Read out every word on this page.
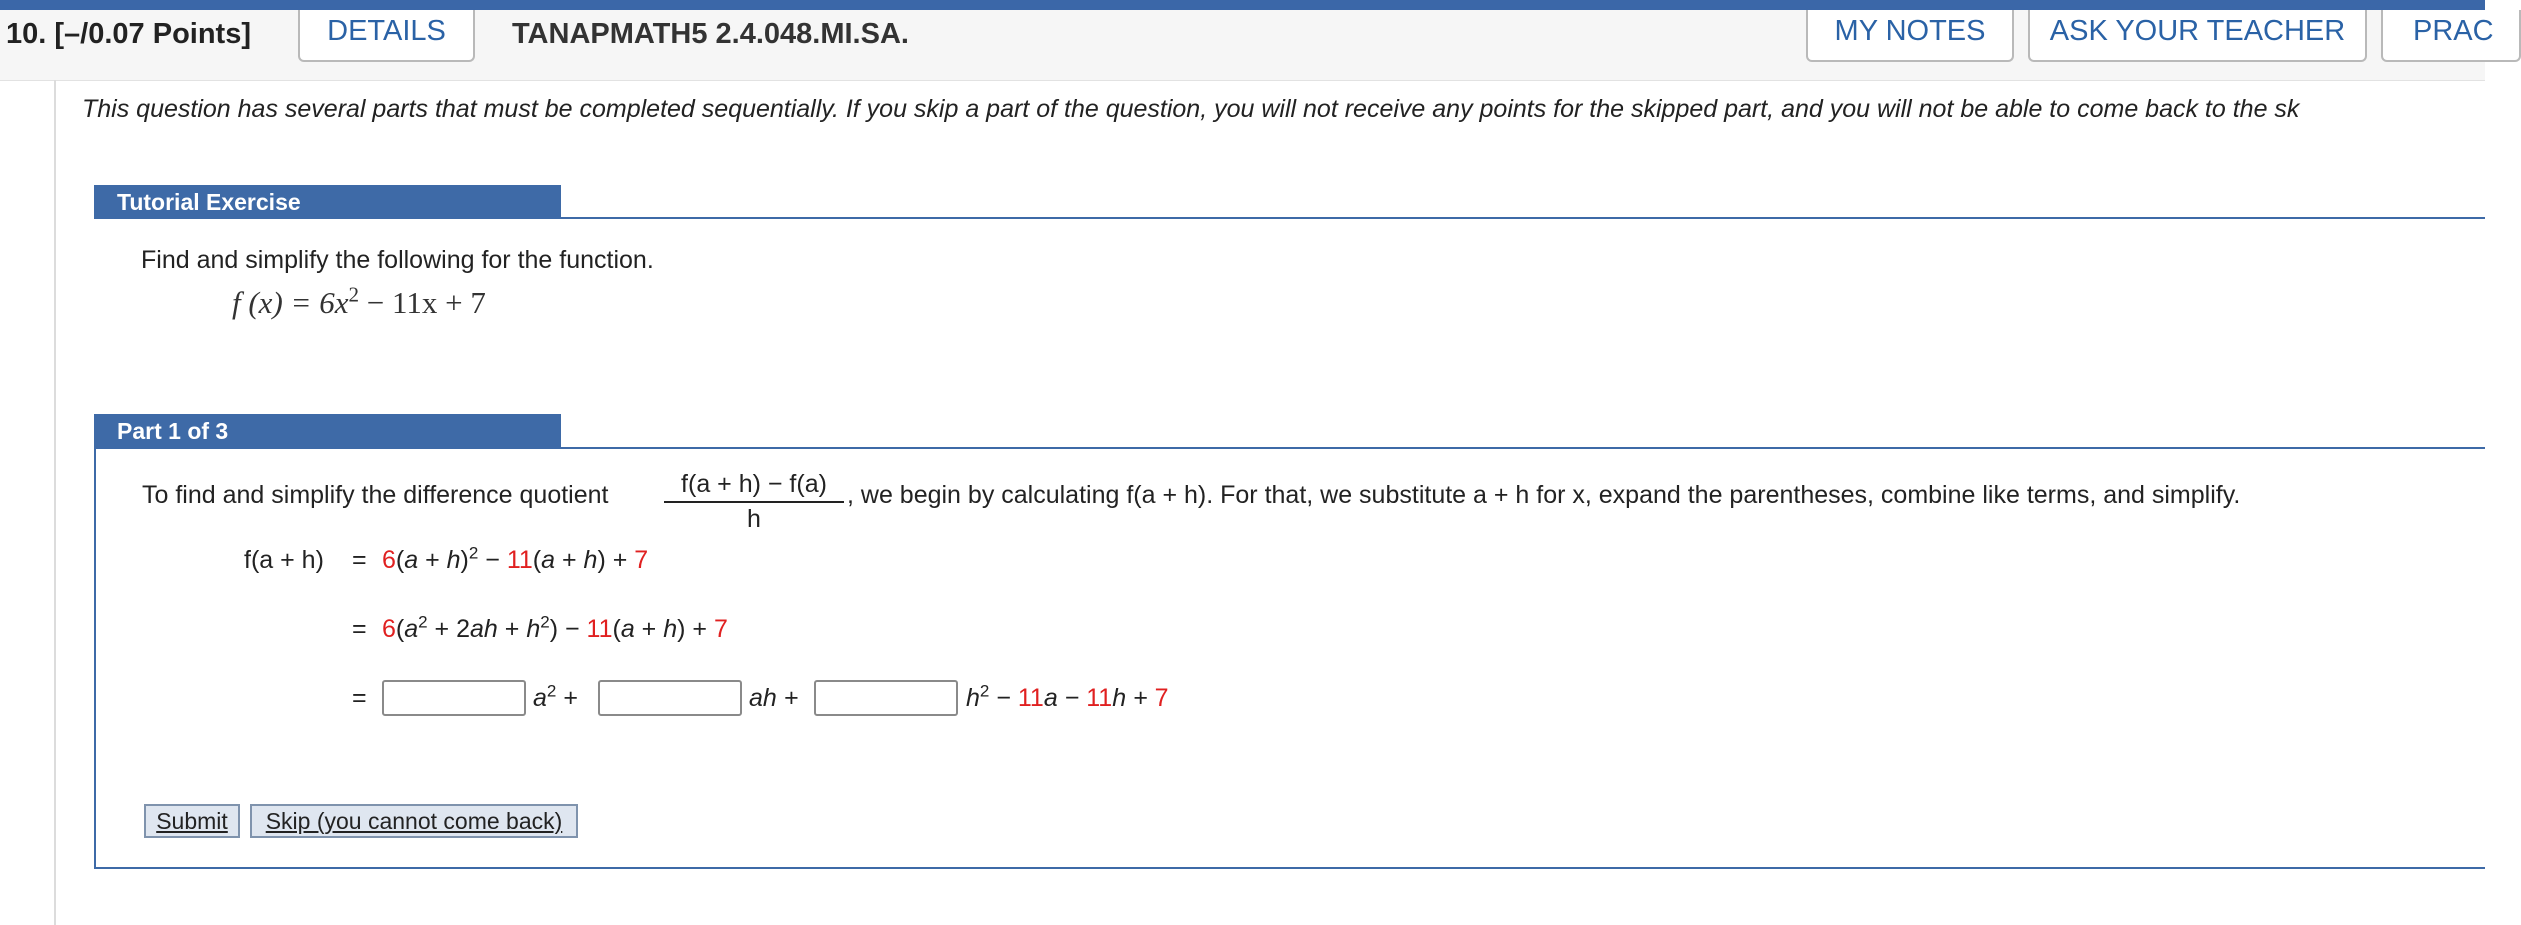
10. [–/0.07 Points]	DETAILS	TANAPMATH5 2.4.048.MI.SA.	MY NOTES	ASK YOUR TEACHER	PRAC
This question has several parts that must be completed sequentially. If you skip a part of the question, you will not receive any points for the skipped part, and you will not be able to come back to the sk
Tutorial Exercise
Find and simplify the following for the function.
f $(x) = 6x^2 - 11x + 7$
Part 1 of 3
To find and simplify the difference quotient $\frac{f(a + h) - f(a)}{h}$ , we begin by calculating f(a + h). For that, we substitute a + h for x, expand the parentheses, combine like terms, and simplify.
$f(a + h) = 6(a + h)^2 - 11(a + h) + 7$
= $6(a^2 + 2ah + h^2) - 11(a + h) + 7$
=	$a^2$ +	ah +	$h^2 - 11a - 11h + 7$
Submit	Skip (you cannot come back)
